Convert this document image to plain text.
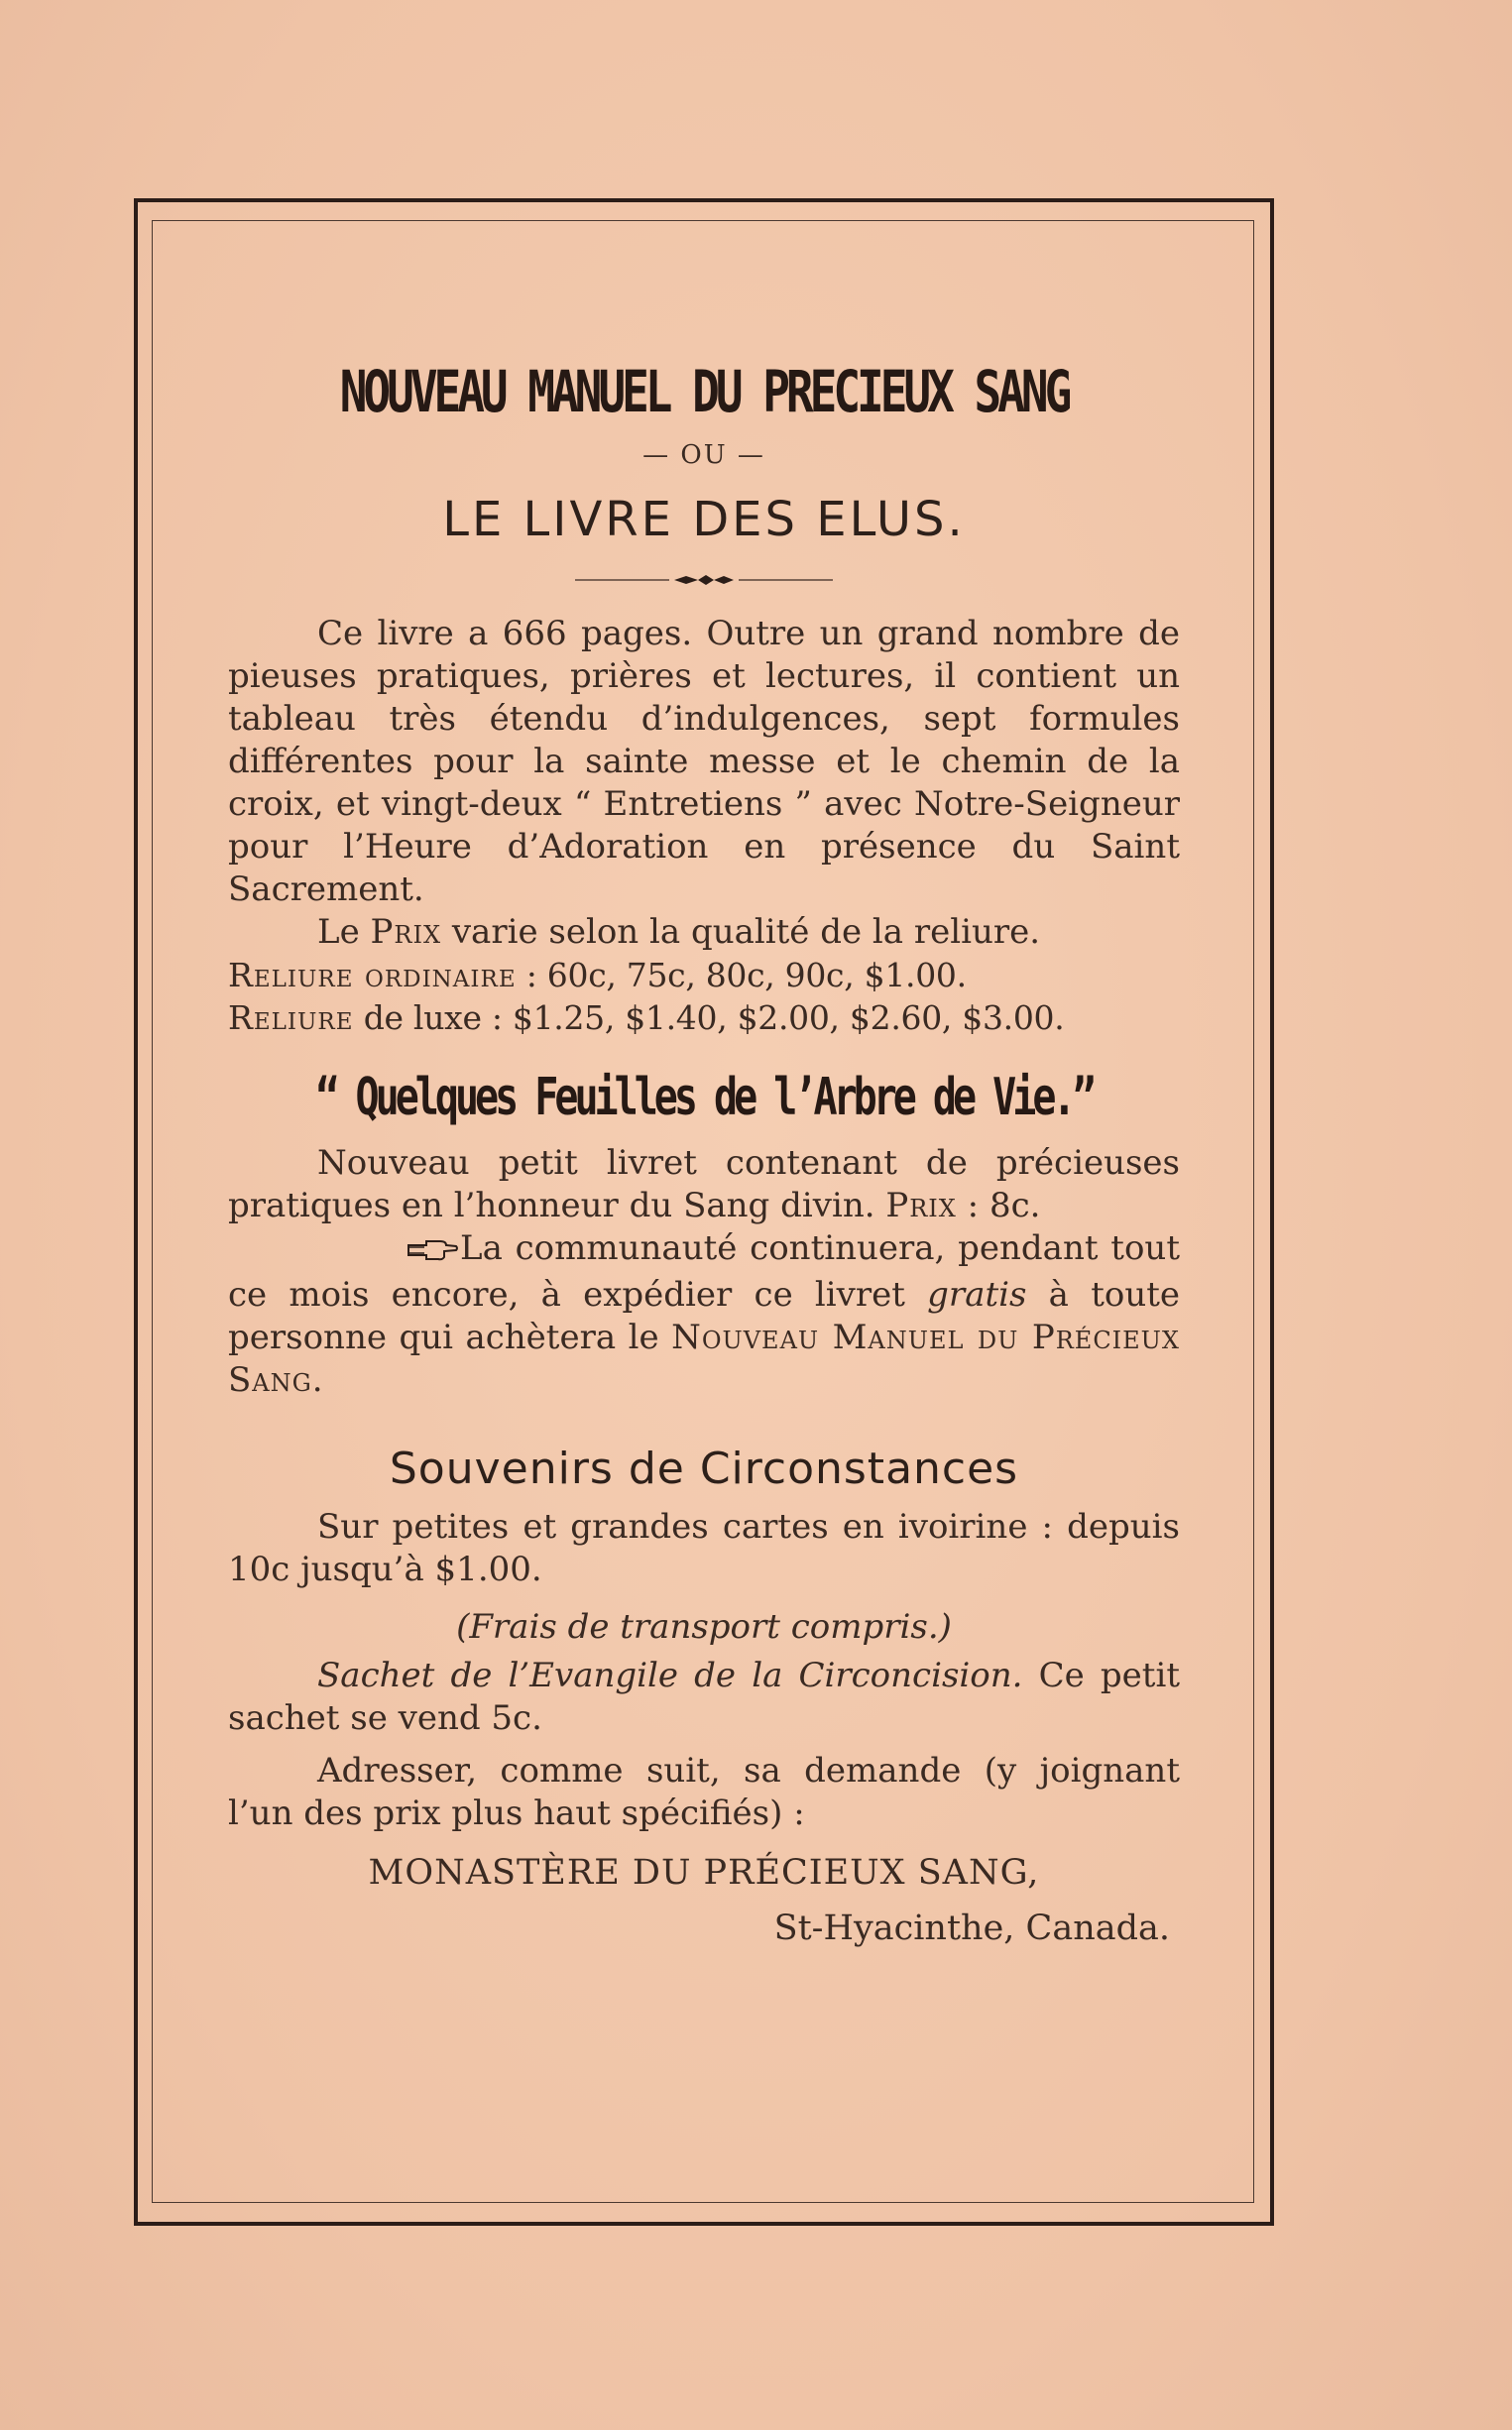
NOUVEAU MANUEL DU PRECIEUX SANG
— OU —
LE LIVRE DES ELUS.

Ce livre a 666 pages. Outre un grand nombre de pieuses pratiques, prières et lectures, il contient un tableau très étendu d’indulgences, sept formules différentes pour la sainte messe et le chemin de la croix, et vingt-deux “ Entretiens ” avec Notre-Seigneur pour l’Heure d’Adoration en présence du Saint Sacrement.

Le Prix varie selon la qualité de la reliure.

Reliure ordinaire : 60c, 75c, 80c, 90c, $1.00.
Reliure de luxe : $1.25, $1.40, $2.00, $2.60, $3.00.
“ Quelques Feuilles de l’Arbre de Vie.”

Nouveau petit livret contenant de précieuses pratiques en l’honneur du Sang divin. Prix : 8c.

La communauté continuera, pendant tout ce mois encore, à expédier ce livret gratis à toute personne qui achètera le Nouveau Manuel du Précieux Sang.

Souvenirs de Circonstances

Sur petites et grandes cartes en ivoirine : depuis 10c jusqu’à $1.00.

(Frais de transport compris.)

Sachet de l’Evangile de la Circoncision. Ce petit sachet se vend 5c.

Adresser, comme suit, sa demande (y joignant l’un des prix plus haut spécifiés) :

MONASTÈRE DU PRÉCIEUX SANG,
St-Hyacinthe, Canada.
